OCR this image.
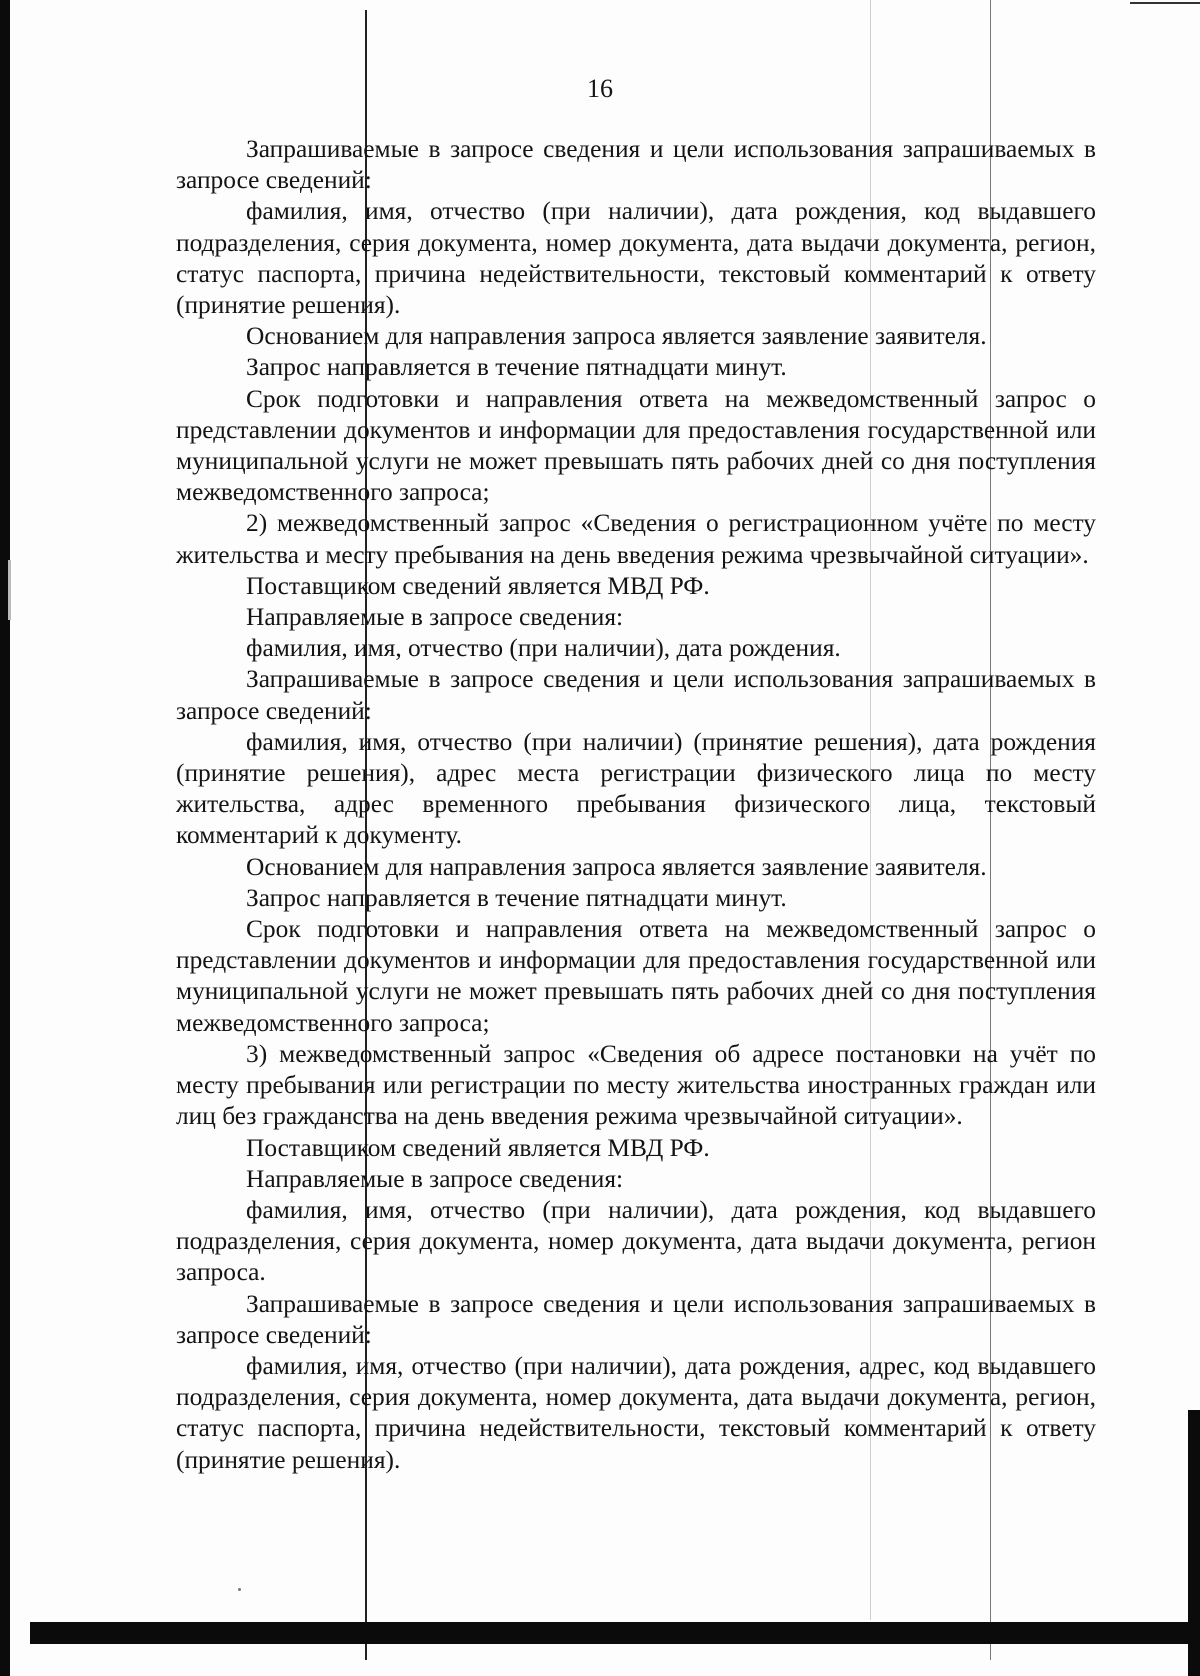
16

Запрашиваемые в запросе сведения и цели использования запрашиваемых в запросе сведений:

фамилия, имя, отчество (при наличии), дата рождения, код выдавшего подразделения, серия документа, номер документа, дата выдачи документа, регион, статус паспорта, причина недействительности, текстовый комментарий к ответу (принятие решения).

Основанием для направления запроса является заявление заявителя.

Запрос направляется в течение пятнадцати минут.

Срок подготовки и направления ответа на межведомственный запрос о представлении документов и информации для предоставления государственной или муниципальной услуги не может превышать пять рабочих дней со дня поступления межведомственного запроса;

2) межведомственный запрос «Сведения о регистрационном учёте по месту жительства и месту пребывания на день введения режима чрезвычайной ситуации».

Поставщиком сведений является МВД РФ.

Направляемые в запросе сведения:

фамилия, имя, отчество (при наличии), дата рождения.

Запрашиваемые в запросе сведения и цели использования запрашиваемых в запросе сведений:

фамилия, имя, отчество (при наличии) (принятие решения), дата рождения (принятие решения), адрес места регистрации физического лица по месту жительства, адрес временного пребывания физического лица, текстовый комментарий к документу.

Основанием для направления запроса является заявление заявителя.

Запрос направляется в течение пятнадцати минут.

Срок подготовки и направления ответа на межведомственный запрос о представлении документов и информации для предоставления государственной или муниципальной услуги не может превышать пять рабочих дней со дня поступления межведомственного запроса;

3) межведомственный запрос «Сведения об адресе постановки на учёт по месту пребывания или регистрации по месту жительства иностранных граждан или лиц без гражданства на день введения режима чрезвычайной ситуации».

Поставщиком сведений является МВД РФ.

Направляемые в запросе сведения:

фамилия, имя, отчество (при наличии), дата рождения, код выдавшего подразделения, серия документа, номер документа, дата выдачи документа, регион запроса.

Запрашиваемые в запросе сведения и цели использования запрашиваемых в запросе сведений:

фамилия, имя, отчество (при наличии), дата рождения, адрес, код выдавшего подразделения, серия документа, номер документа, дата выдачи документа, регион, статус паспорта, причина недействительности, текстовый комментарий к ответу (принятие решения).
